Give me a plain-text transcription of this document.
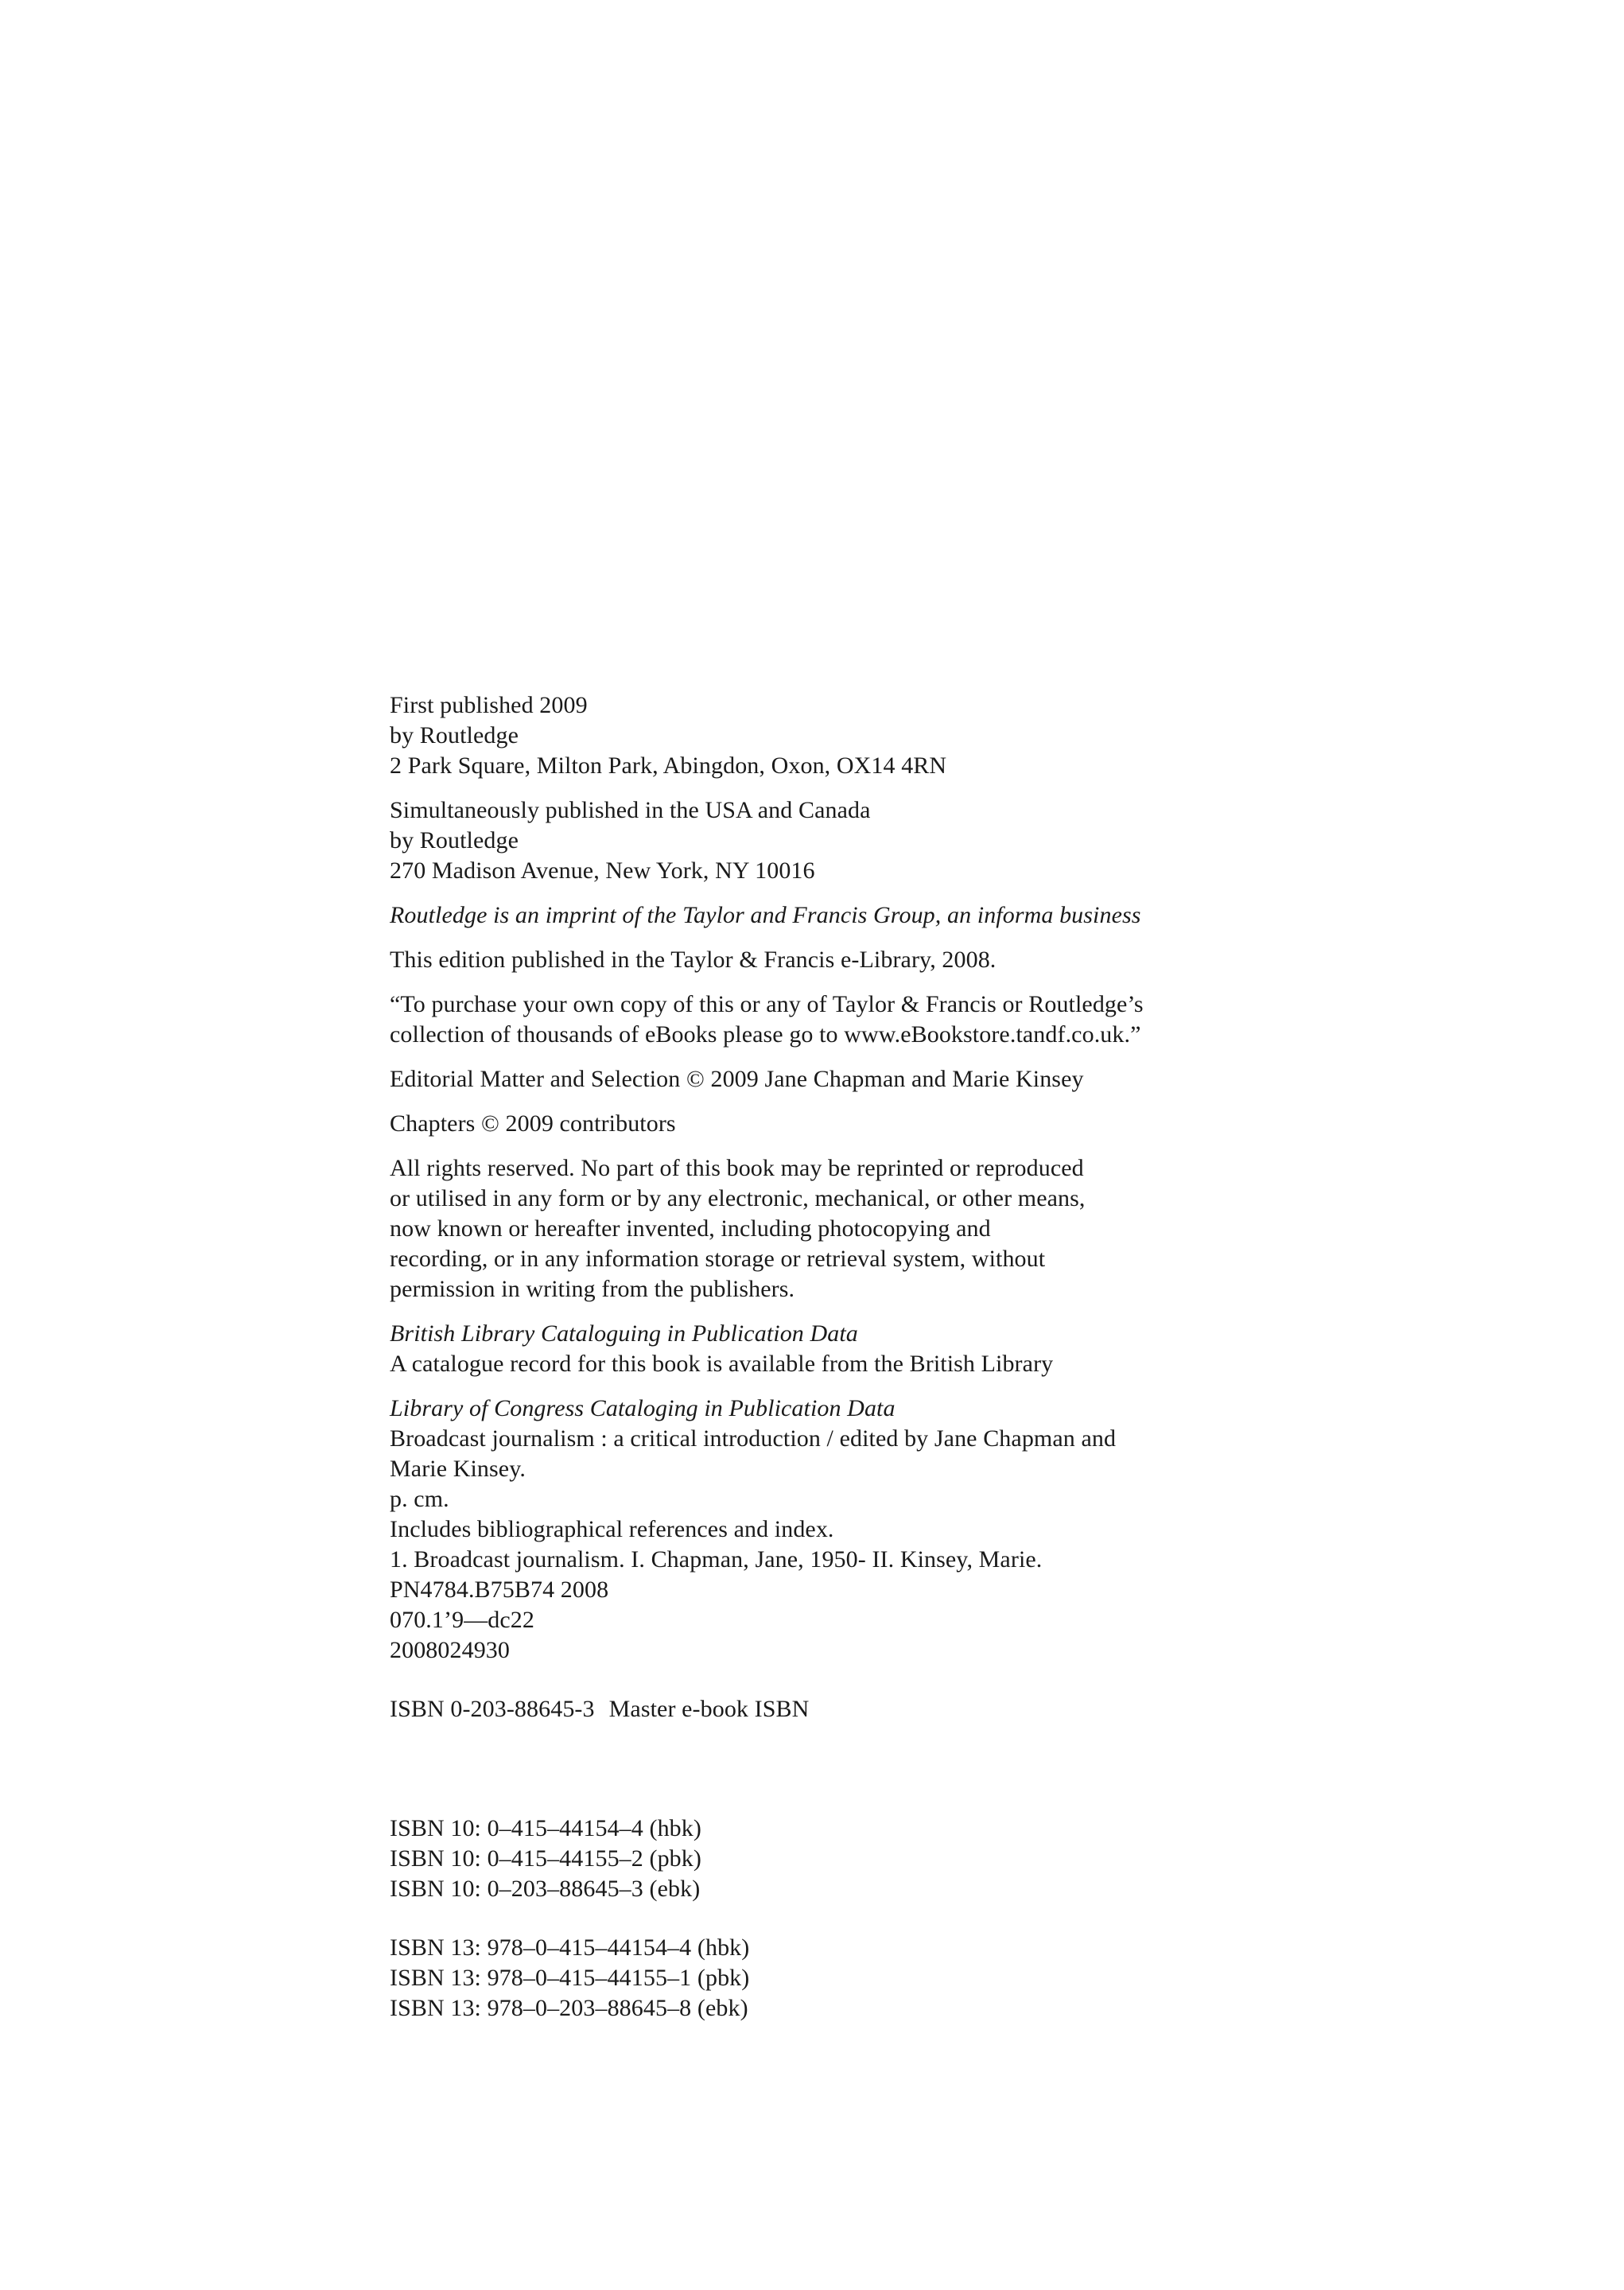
First published 2009
by Routledge
2 Park Square, Milton Park, Abingdon, Oxon, OX14 4RN
Simultaneously published in the USA and Canada
by Routledge
270 Madison Avenue, New York, NY 10016
Routledge is an imprint of the Taylor and Francis Group, an informa business
This edition published in the Taylor & Francis e-Library, 2008.
“To purchase your own copy of this or any of Taylor & Francis or Routledge’s
collection of thousands of eBooks please go to www.eBookstore.tandf.co.uk.”
Editorial Matter and Selection © 2009 Jane Chapman and Marie Kinsey
Chapters © 2009 contributors
All rights reserved. No part of this book may be reprinted or reproduced
or utilised in any form or by any electronic, mechanical, or other means,
now known or hereafter invented, including photocopying and
recording, or in any information storage or retrieval system, without
permission in writing from the publishers.
British Library Cataloguing in Publication Data
A catalogue record for this book is available from the British Library
Library of Congress Cataloging in Publication Data
Broadcast journalism : a critical introduction / edited by Jane Chapman and
Marie Kinsey.
p. cm.
Includes bibliographical references and index.
1. Broadcast journalism. I. Chapman, Jane, 1950- II. Kinsey, Marie.
PN4784.B75B74 2008
070.1’9—dc22
2008024930
ISBN 0-203-88645-3 Master e-book ISBN
ISBN 10: 0–415–44154–4 (hbk)
ISBN 10: 0–415–44155–2 (pbk)
ISBN 10: 0–203–88645–3 (ebk)
ISBN 13: 978–0–415–44154–4 (hbk)
ISBN 13: 978–0–415–44155–1 (pbk)
ISBN 13: 978–0–203–88645–8 (ebk)
